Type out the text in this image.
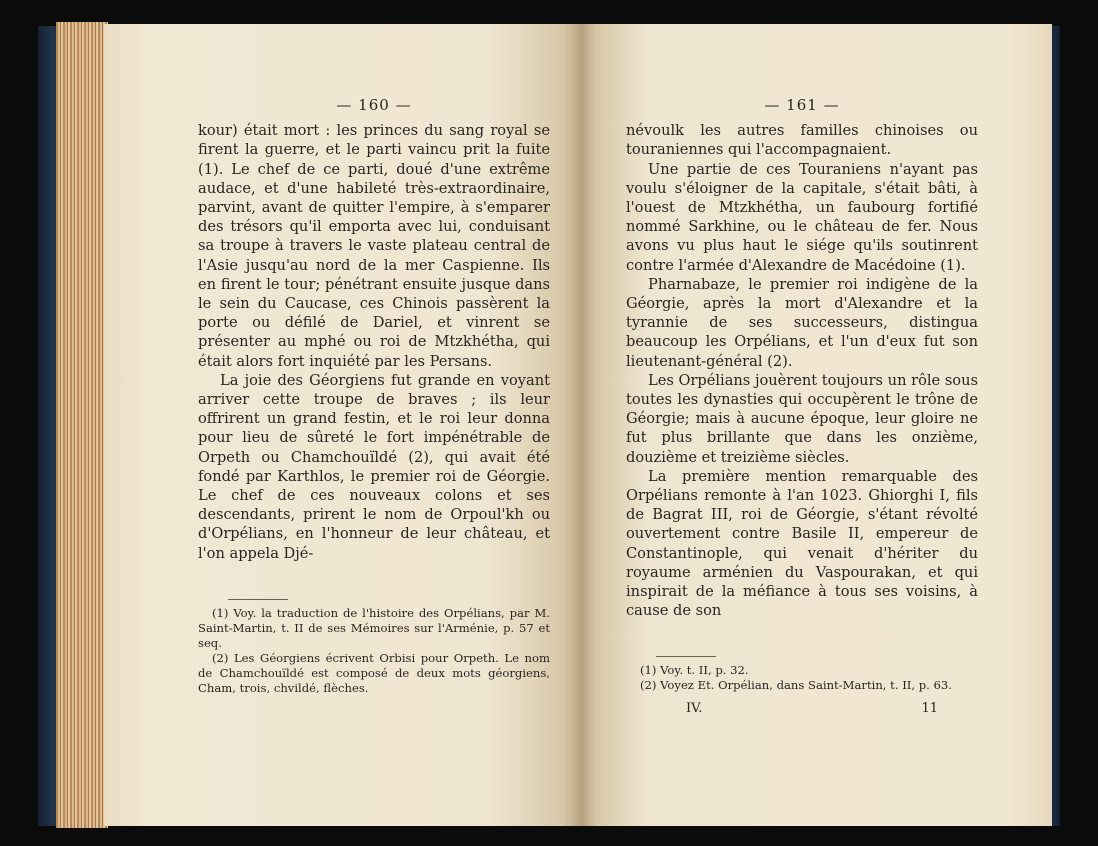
— 160 —

kour) était mort : les princes du sang royal se firent la guerre, et le parti vaincu prit la fuite (1). Le chef de ce parti, doué d'une extrême audace, et d'une habileté très-extraordinaire, parvint, avant de quitter l'empire, à s'emparer des trésors qu'il emporta avec lui, conduisant sa troupe à travers le vaste plateau central de l'Asie jusqu'au nord de la mer Caspienne. Ils en firent le tour; pénétrant ensuite jusque dans le sein du Caucase, ces Chinois passèrent la porte ou défilé de Dariel, et vinrent se présenter au mphé ou roi de Mtzkhétha, qui était alors fort inquiété par les Persans.

La joie des Géorgiens fut grande en voyant arriver cette troupe de braves ; ils leur offrirent un grand festin, et le roi leur donna pour lieu de sûreté le fort impénétrable de Orpeth ou Chamchouïldé (2), qui avait été fondé par Karthlos, le premier roi de Géorgie. Le chef de ces nouveaux colons et ses descendants, prirent le nom de Orpoul'kh ou d'Orpélians, en l'honneur de leur château, et l'on appela Djé-

(1) Voy. la traduction de l'histoire des Orpélians, par M. Saint-Martin, t. II de ses Mémoires sur l'Arménie, p. 57 et seq.

(2) Les Géorgiens écrivent Orbisi pour Orpeth. Le nom de Chamchouïldé est composé de deux mots géorgiens, Cham, trois, chvildé, flèches.

— 161 —

névoulk les autres familles chinoises ou touraniennes qui l'accompagnaient.

Une partie de ces Touraniens n'ayant pas voulu s'éloigner de la capitale, s'était bâti, à l'ouest de Mtzkhétha, un faubourg fortifié nommé Sarkhine, ou le château de fer. Nous avons vu plus haut le siége qu'ils soutinrent contre l'armée d'Alexandre de Macédoine (1).

Pharnabaze, le premier roi indigène de la Géorgie, après la mort d'Alexandre et la tyrannie de ses successeurs, distingua beaucoup les Orpélians, et l'un d'eux fut son lieutenant-général (2).

Les Orpélians jouèrent toujours un rôle sous toutes les dynasties qui occupèrent le trône de Géorgie; mais à aucune époque, leur gloire ne fut plus brillante que dans les onzième, douzième et treizième siècles.

La première mention remarquable des Orpélians remonte à l'an 1023. Ghiorghi I, fils de Bagrat III, roi de Géorgie, s'étant révolté ouvertement contre Basile II, empereur de Constantinople, qui venait d'hériter du royaume arménien du Vaspourakan, et qui inspirait de la méfiance à tous ses voisins, à cause de son

(1) Voy. t. II, p. 32.

(2) Voyez Et. Orpélian, dans Saint-Martin, t. II, p. 63.

IV.	11
